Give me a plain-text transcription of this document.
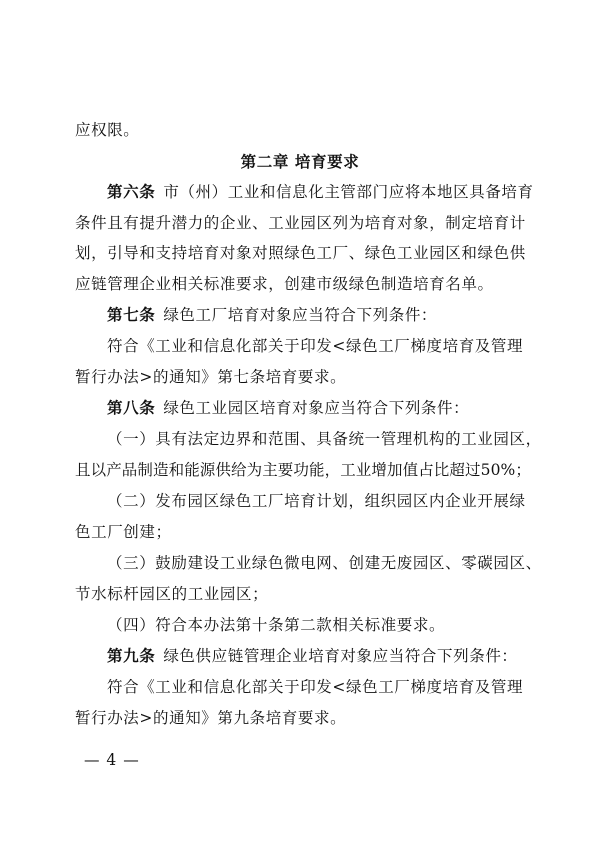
应权限。
第二章 培育要求
第六条 市（州）工业和信息化主管部门应将本地区具备培育
条件且有提升潜力的企业、工业园区列为培育对象，制定培育计
划，引导和支持培育对象对照绿色工厂、绿色工业园区和绿色供
应链管理企业相关标准要求，创建市级绿色制造培育名单。
第七条 绿色工厂培育对象应当符合下列条件：
符合《工业和信息化部关于印发<绿色工厂梯度培育及管理
暂行办法>的通知》第七条培育要求。
第八条 绿色工业园区培育对象应当符合下列条件：
（一）具有法定边界和范围、具备统一管理机构的工业园区，
且以产品制造和能源供给为主要功能，工业增加值占比超过50%；
（二）发布园区绿色工厂培育计划，组织园区内企业开展绿
色工厂创建；
（三）鼓励建设工业绿色微电网、创建无废园区、零碳园区、
节水标杆园区的工业园区；
（四）符合本办法第十条第二款相关标准要求。
第九条 绿色供应链管理企业培育对象应当符合下列条件：
符合《工业和信息化部关于印发<绿色工厂梯度培育及管理
暂行办法>的通知》第九条培育要求。
— 4 —
